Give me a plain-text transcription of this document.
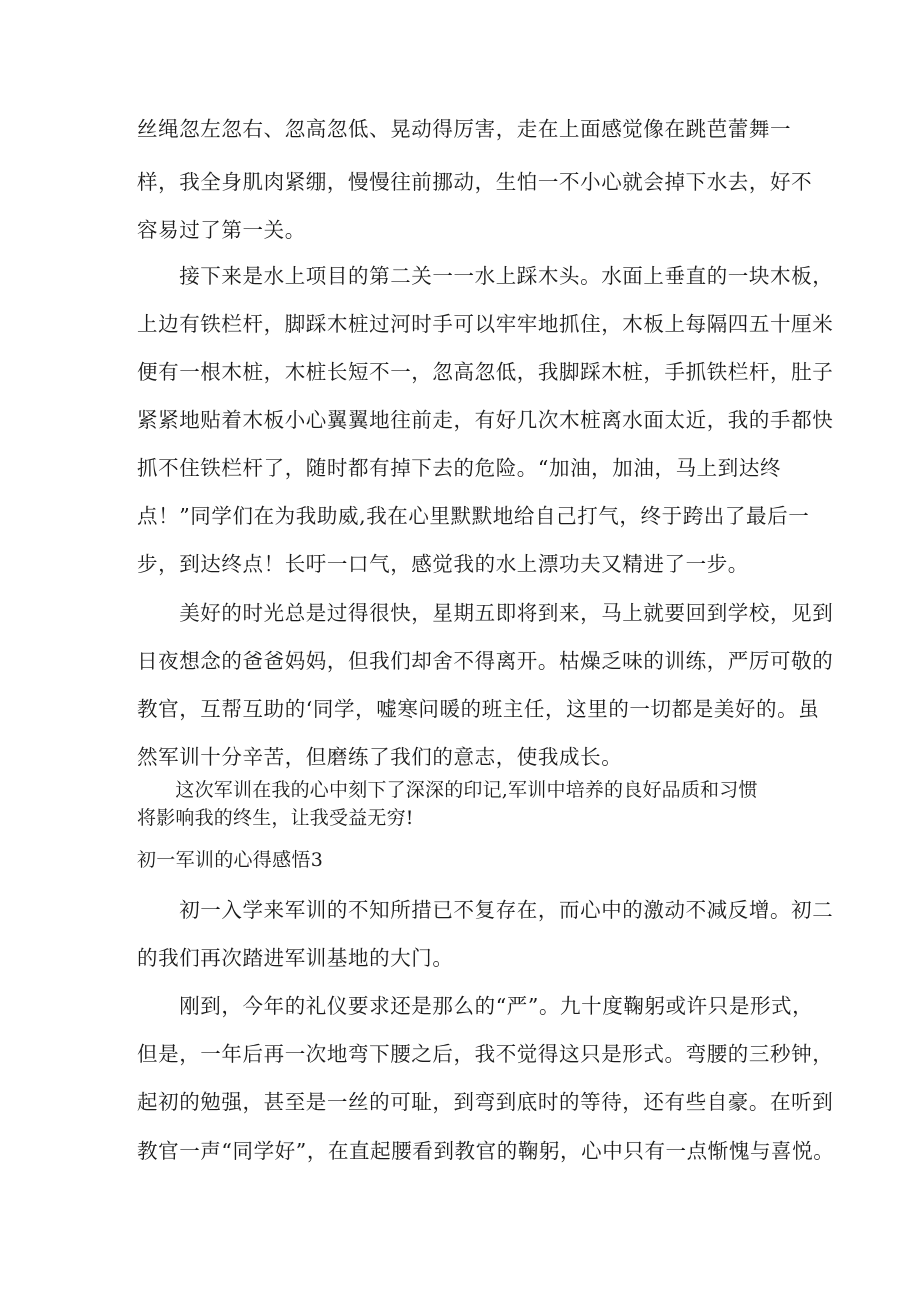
丝绳忽左忽右、忽高忽低、晃动得厉害，走在上面感觉像在跳芭蕾舞一
样，我全身肌肉紧绷，慢慢往前挪动，生怕一不小心就会掉下水去，好不
容易过了第一关。
　　接下来是水上项目的第二关一一水上踩木头。水面上垂直的一块木板，
上边有铁栏杆，脚踩木桩过河时手可以牢牢地抓住，木板上每隔四五十厘米
便有一根木桩，木桩长短不一，忽高忽低，我脚踩木桩，手抓铁栏杆，肚子
紧紧地贴着木板小心翼翼地往前走，有好几次木桩离水面太近，我的手都快
抓不住铁栏杆了，随时都有掉下去的危险。“加油，加油，马上到达终
点！”同学们在为我助威,我在心里默默地给自己打气，终于跨出了最后一
步，到达终点！长吁一口气，感觉我的水上漂功夫又精进了一步。
　　美好的时光总是过得很快，星期五即将到来，马上就要回到学校，见到
日夜想念的爸爸妈妈，但我们却舍不得离开。枯燥乏味的训练，严厉可敬的
教官，互帮互助的‘同学，嘘寒问暖的班主任，这里的一切都是美好的。虽
然军训十分辛苦，但磨练了我们的意志，使我成长。
　　这次军训在我的心中刻下了深深的印记,军训中培养的良好品质和习惯
将影响我的终生，让我受益无穷!
初一军训的心得感悟3
　　初一入学来军训的不知所措已不复存在，而心中的激动不减反增。初二
的我们再次踏进军训基地的大门。
　　刚到，今年的礼仪要求还是那么的“严”。九十度鞠躬或许只是形式，
但是，一年后再一次地弯下腰之后，我不觉得这只是形式。弯腰的三秒钟，
起初的勉强，甚至是一丝的可耻，到弯到底时的等待，还有些自豪。在听到
教官一声“同学好”，在直起腰看到教官的鞠躬，心中只有一点惭愧与喜悦。
